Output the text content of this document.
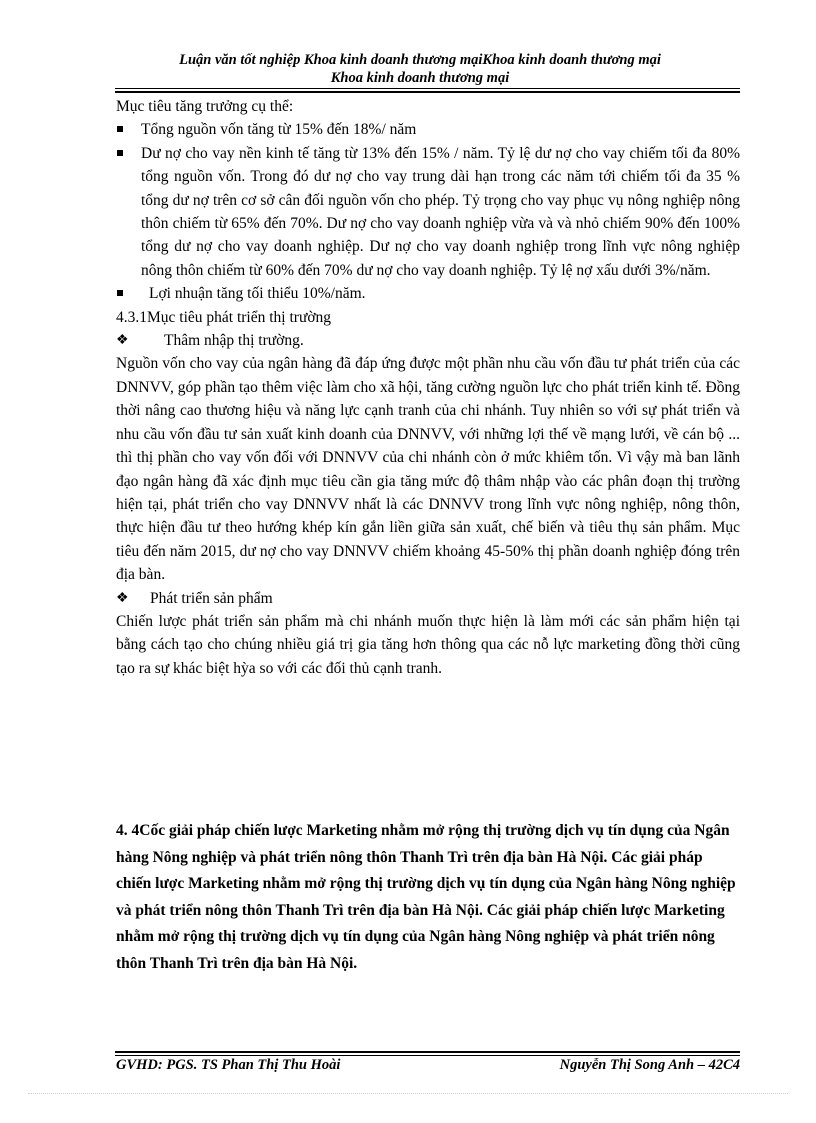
Luận văn tốt nghiệp Khoa kinh doanh thương mạiKhoa kinh doanh thương mại
Khoa kinh doanh thương mại

Mục tiêu tăng trưởng cụ thể:

Tổng nguồn vốn tăng từ 15% đến 18%/ năm

Dư nợ cho vay nền kinh tế tăng từ 13% đến 15% / năm. Tỷ lệ dư nợ cho vay chiếm tối đa 80% tổng nguồn vốn. Trong đó dư nợ cho vay trung dài hạn trong các năm tới chiếm tối đa 35 % tổng dư nợ trên cơ sở cân đối nguồn vốn cho phép. Tỷ trọng cho vay phục vụ nông nghiệp nông thôn chiếm từ 65% đến 70%. Dư nợ cho vay doanh nghiệp vừa và và nhỏ chiếm 90% đến 100% tổng dư nợ cho vay doanh nghiệp. Dư nợ cho vay doanh nghiệp trong lĩnh vực nông nghiệp nông thôn chiếm từ 60% đến 70% dư nợ cho vay doanh nghiệp. Tỷ lệ nợ xấu dưới 3%/năm.

Lợi nhuận tăng tối thiểu 10%/năm.

4.3.1Mục tiêu phát triển thị trường

❖ Thâm nhập thị trường.

Nguồn vốn cho vay của ngân hàng đã đáp ứng được một phần nhu cầu vốn đầu tư phát triển của các DNNVV, góp phần tạo thêm việc làm cho xã hội, tăng cường nguồn lực cho phát triển kinh tế. Đồng thời nâng cao thương hiệu và năng lực cạnh tranh của chi nhánh. Tuy nhiên so với sự phát triển và nhu cầu vốn đầu tư sản xuất kinh doanh của DNNVV, với những lợi thế về mạng lưới, về cán bộ ... thì thị phần cho vay vốn đối với DNNVV của chi nhánh còn ở mức khiêm tốn. Vì vậy mà ban lãnh đạo ngân hàng đã xác định mục tiêu cần gia tăng mức độ thâm nhập vào các phân đoạn thị trường hiện tại, phát triển cho vay DNNVV nhất là các DNNVV trong lĩnh vực nông nghiệp, nông thôn, thực hiện đầu tư theo hướng khép kín gắn liền giữa sản xuất, chế biến và tiêu thụ sản phẩm. Mục tiêu đến năm 2015, dư nợ cho vay DNNVV chiếm khoảng 45-50% thị phần doanh nghiệp đóng trên địa bàn.

❖ Phát triển sản phẩm

Chiến lược phát triển sản phẩm mà chi nhánh muốn thực hiện là làm mới các sản phẩm hiện tại bằng cách tạo cho chúng nhiều giá trị gia tăng hơn thông qua các nỗ lực marketing đồng thời cũng tạo ra sự khác biệt hỳa so với các đối thủ cạnh tranh.

4. 4Cốc giải pháp chiến lược Marketing nhằm mở rộng thị trường dịch vụ tín dụng của Ngân hàng Nông nghiệp và phát triển nông thôn Thanh Trì trên địa bàn Hà Nội. Các giải pháp chiến lược Marketing nhằm mở rộng thị trường dịch vụ tín dụng của Ngân hàng Nông nghiệp và phát triển nông thôn Thanh Trì trên địa bàn Hà Nội. Các giải pháp chiến lược Marketing nhằm mở rộng thị trường dịch vụ tín dụng của Ngân hàng Nông nghiệp và phát triển nông thôn Thanh Trì trên địa bàn Hà Nội.

GVHD: PGS. TS Phan Thị Thu Hoài	Nguyễn Thị Song Anh – 42C4
